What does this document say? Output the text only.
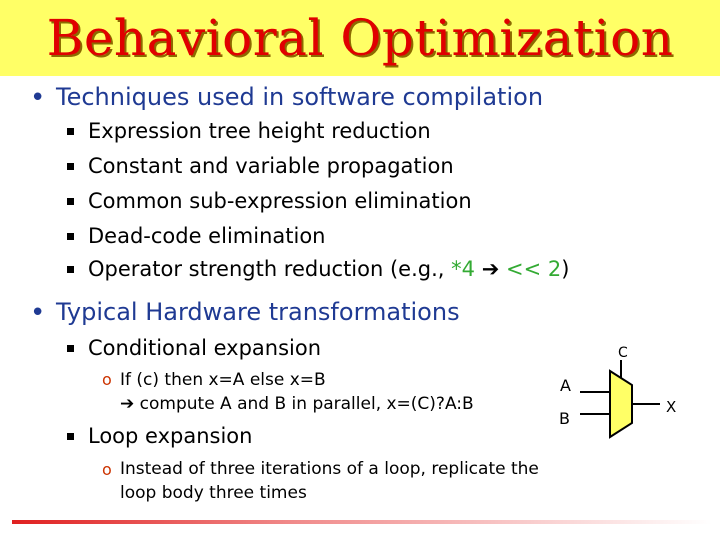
Behavioral Optimization
• Techniques used in software compilation
Expression tree height reduction
Constant and variable propagation
Common sub-expression elimination
Dead-code elimination
Operator strength reduction (e.g., *4 ➔ << 2)
• Typical Hardware transformations
Conditional expansion
o If (c) then x=A else x=B
➔ compute A and B in parallel, x=(C)?A:B
Loop expansion
o Instead of three iterations of a loop, replicate the
loop body three times
A
B
C
X
